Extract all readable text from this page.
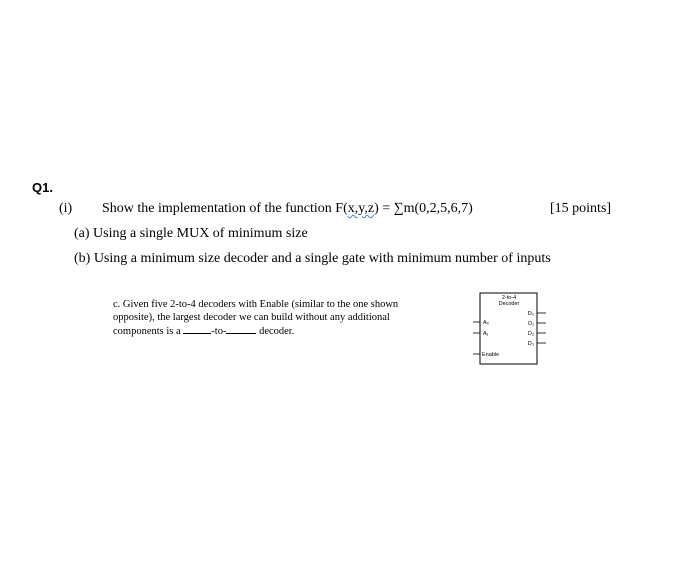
Q1.
(i) Show the implementation of the function F(x,y,z) = ∑m(0,2,5,6,7)	[15 points]
(a) Using a single MUX of minimum size
(b) Using a minimum size decoder and a single gate with minimum number of inputs
c. Given five 2-to-4 decoders with Enable (similar to the one shown
opposite), the largest decoder we can build without any additional
components is a	-to-	decoder.
2-to-4
Decoder
A₀
A₁
D₀
D₁
D₂
D₃
Enable
